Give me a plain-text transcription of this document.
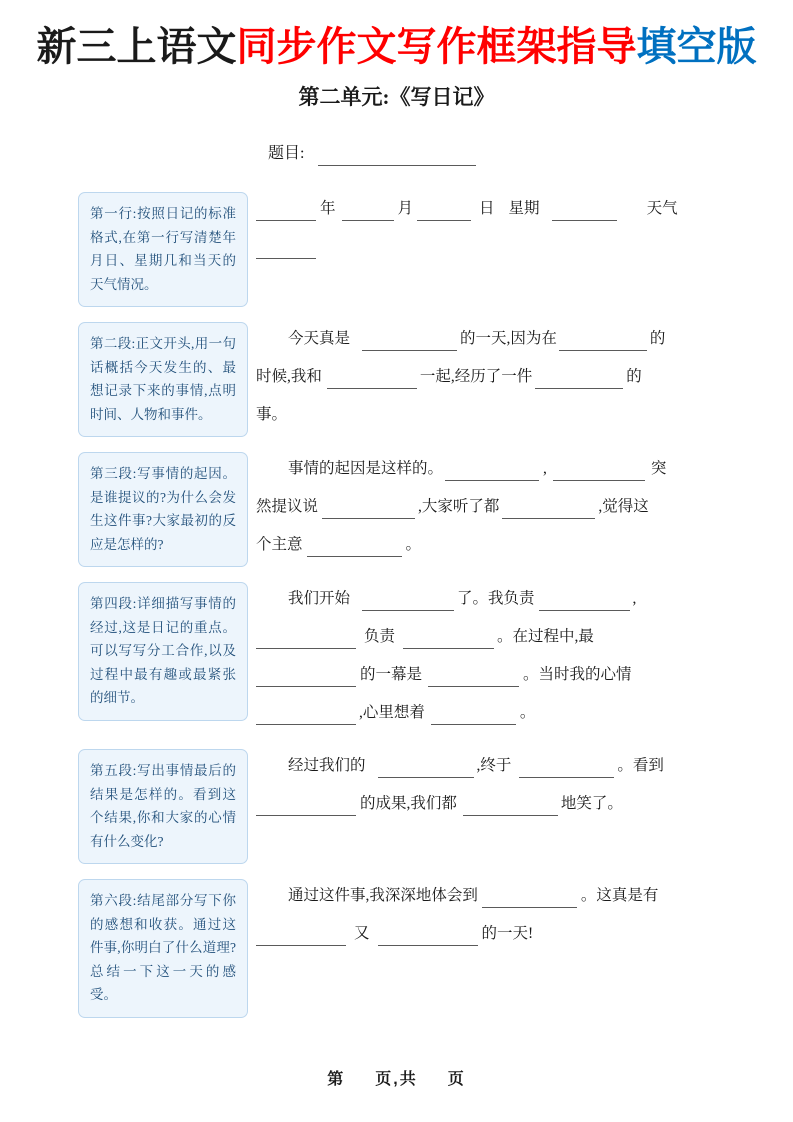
新三上语文同步作文写作框架指导填空版
第二单元:《写日记》
题目:
第一行:按照日记的标准格式,在第一行写清楚年月日、星期几和当天的天气情况。
年	月	日 星期	天气
第二段:正文开头,用一句话概括今天发生的、最想记录下来的事情,点明时间、人物和事件。
今天真是	的一天,因为在	的
时候,我和	一起,经历了一件	的
事。
第三段:写事情的起因。是谁提议的?为什么会发生这件事?大家最初的反应是怎样的?
事情的起因是这样的。	,	突
然提议说	,大家听了都	,觉得这
个主意	。
第四段:详细描写事情的经过,这是日记的重点。可以写写分工合作,以及过程中最有趣或最紧张的细节。
我们开始	了。我负责	,
负责	。在过程中,最
的一幕是	。当时我的心情
,心里想着	。
第五段:写出事情最后的结果是怎样的。看到这个结果,你和大家的心情有什么变化?
经过我们的	,终于	。看到
的成果,我们都	地笑了。
第六段:结尾部分写下你的感想和收获。通过这件事,你明白了什么道理?总结一下这一天的感受。
通过这件事,我深深地体会到	。这真是有
又	的一天!
第 页,共 页
